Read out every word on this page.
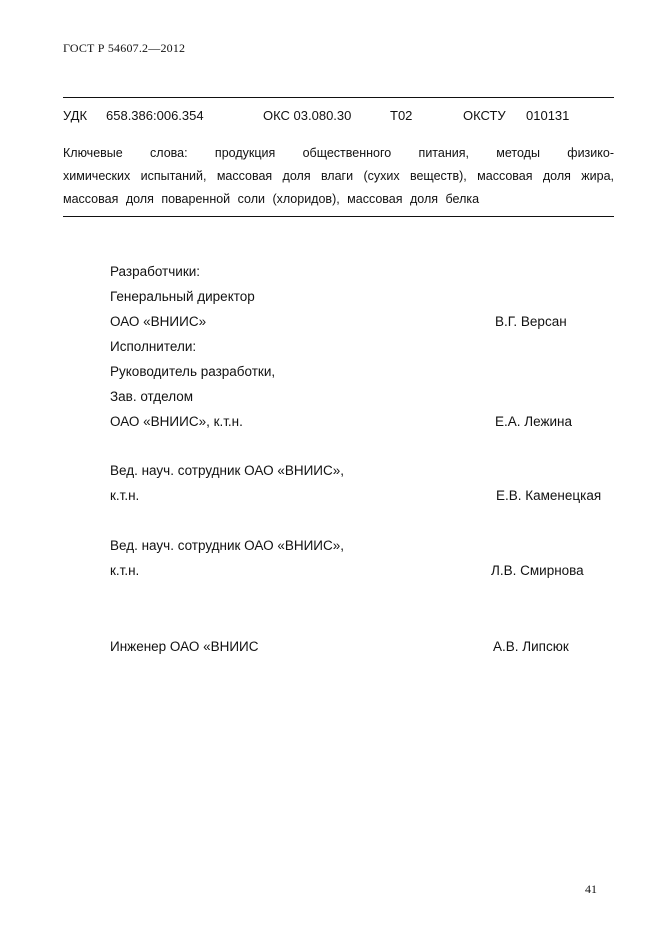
ГОСТ Р 54607.2—2012
УДК 658.386:006.354	ОКС 03.080.30	Т02	ОКСТУ 010131
Ключевые слова: продукция общественного питания, методы физико-
химических испытаний, массовая доля влаги (сухих веществ), массовая доля жира,
массовая доля поваренной соли (хлоридов), массовая доля белка
Разработчики:
Генеральный директор
ОАО «ВНИИС»	В.Г. Версан
Исполнители:
Руководитель разработки,
Зав. отделом
ОАО «ВНИИС», к.т.н.	Е.А. Лежина
Вед. науч. сотрудник ОАО «ВНИИС»,
к.т.н.	Е.В. Каменецкая
Вед. науч. сотрудник ОАО «ВНИИС»,
к.т.н.	Л.В. Смирнова
Инженер ОАО «ВНИИС	А.В. Липсюк
41
